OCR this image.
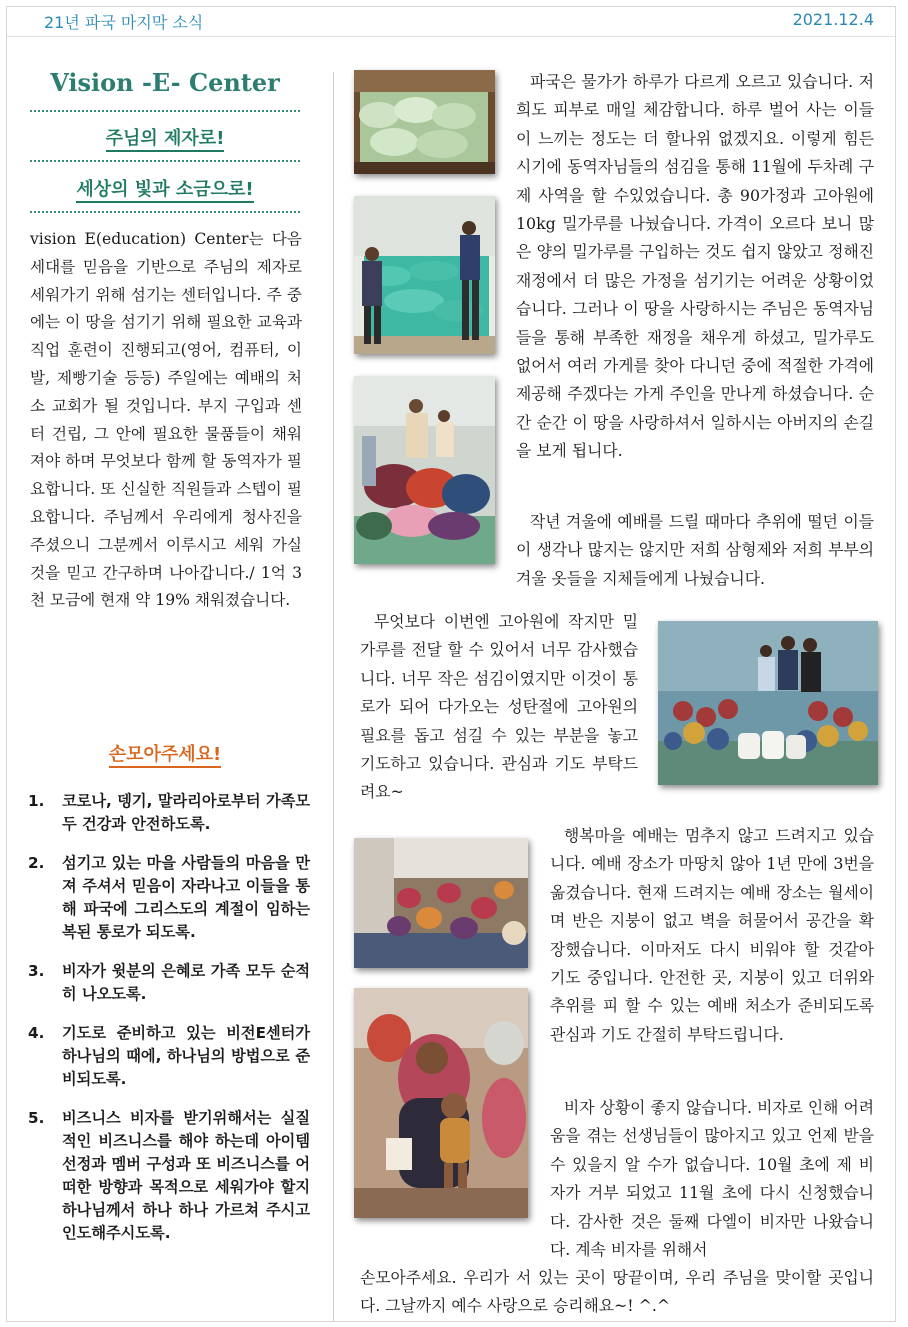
21년 파국 마지막 소식	2021.12.4
Vision -E- Center
주님의 제자로!
세상의 빛과 소금으로!

vision E(education) Center는 다음 세대를 믿음을 기반으로 주님의 제자로 세워가기 위해 섬기는 센터입니다. 주 중에는 이 땅을 섬기기 위해 필요한 교육과 직업 훈련이 진행되고(영어, 컴퓨터, 이발, 제빵기술 등등) 주일에는 예배의 처소 교회가 될 것입니다. 부지 구입과 센터 건립, 그 안에 필요한 물품들이 채워져야 하며 무엇보다 함께 할 동역자가 필요합니다. 또 신실한 직원들과 스텝이 필요합니다. 주님께서 우리에게 청사진을 주셨으니 그분께서 이루시고 세워 가실 것을 믿고 간구하며 나아갑니다./ 1억 3천 모금에 현재 약 19% 채워졌습니다.

손모아주세요!
1.	코로나, 뎅기, 말라리아로부터 가족모두 건강과 안전하도록.
2.	섬기고 있는 마을 사람들의 마음을 만져 주셔서 믿음이 자라나고 이들을 통해 파국에 그리스도의 계절이 임하는 복된 통로가 되도록.
3.	비자가 윗분의 은혜로 가족 모두 순적히 나오도록.
4.	기도로 준비하고 있는 비전E센터가 하나님의 때에, 하나님의 방법으로 준비되도록.
5.	비즈니스 비자를 받기위해서는 실질적인 비즈니스를 해야 하는데 아이템 선정과 멤버 구성과 또 비즈니스를 어떠한 방향과 목적으로 세워가야 할지 하나님께서 하나 하나 가르쳐 주시고 인도해주시도록.

파국은 물가가 하루가 다르게 오르고 있습니다. 저희도 피부로 매일 체감합니다. 하루 벌어 사는 이들이 느끼는 정도는 더 할나위 없겠지요. 이렇게 힘든 시기에 동역자님들의 섬김을 통해 11월에 두차례 구제 사역을 할 수있었습니다. 총 90가정과 고아원에 10kg 밀가루를 나눴습니다. 가격이 오르다 보니 많은 양의 밀가루를 구입하는 것도 쉽지 않았고 정해진 재정에서 더 많은 가정을 섬기기는 어려운 상황이었습니다. 그러나 이 땅을 사랑하시는 주님은 동역자님들을 통해 부족한 재정을 채우게 하셨고, 밀가루도 없어서 여러 가게를 찾아 다니던 중에 적절한 가격에 제공해 주겠다는 가게 주인을 만나게 하셨습니다. 순간 순간 이 땅을 사랑하셔서 일하시는 아버지의 손길을 보게 됩니다.

작년 겨울에 예배를 드릴 때마다 추위에 떨던 이들이 생각나 많지는 않지만 저희 삼형제와 저희 부부의 겨울 옷들을 지체들에게 나눴습니다.

무엇보다 이번엔 고아원에 작지만 밀가루를 전달 할 수 있어서 너무 감사했습니다. 너무 작은 섬김이였지만 이것이 통로가 되어 다가오는 성탄절에 고아원의 필요를 돕고 섬길 수 있는 부분을 놓고 기도하고 있습니다. 관심과 기도 부탁드려요~

행복마을 예배는 멈추지 않고 드려지고 있습니다. 예배 장소가 마땅치 않아 1년 만에 3번을 옮겼습니다. 현재 드려지는 예배 장소는 월세이며 반은 지붕이 없고 벽을 허물어서 공간을 확장했습니다. 이마저도 다시 비워야 할 것같아 기도 중입니다. 안전한 곳, 지붕이 있고 더위와 추위를 피 할 수 있는 예배 처소가 준비되도록 관심과 기도 간절히 부탁드립니다.

비자 상황이 좋지 않습니다. 비자로 인해 어려움을 겪는 선생님들이 많아지고 있고 언제 받을 수 있을지 알 수가 없습니다. 10월 초에 제 비자가 거부 되었고 11월 초에 다시 신청했습니다. 감사한 것은 둘째 다엘이 비자만 나왔습니다. 계속 비자를 위해서

손모아주세요. 우리가 서 있는 곳이 땅끝이며, 우리 주님을 맞이할 곳입니다. 그날까지 예수 사랑으로 승리해요~! ^.^
